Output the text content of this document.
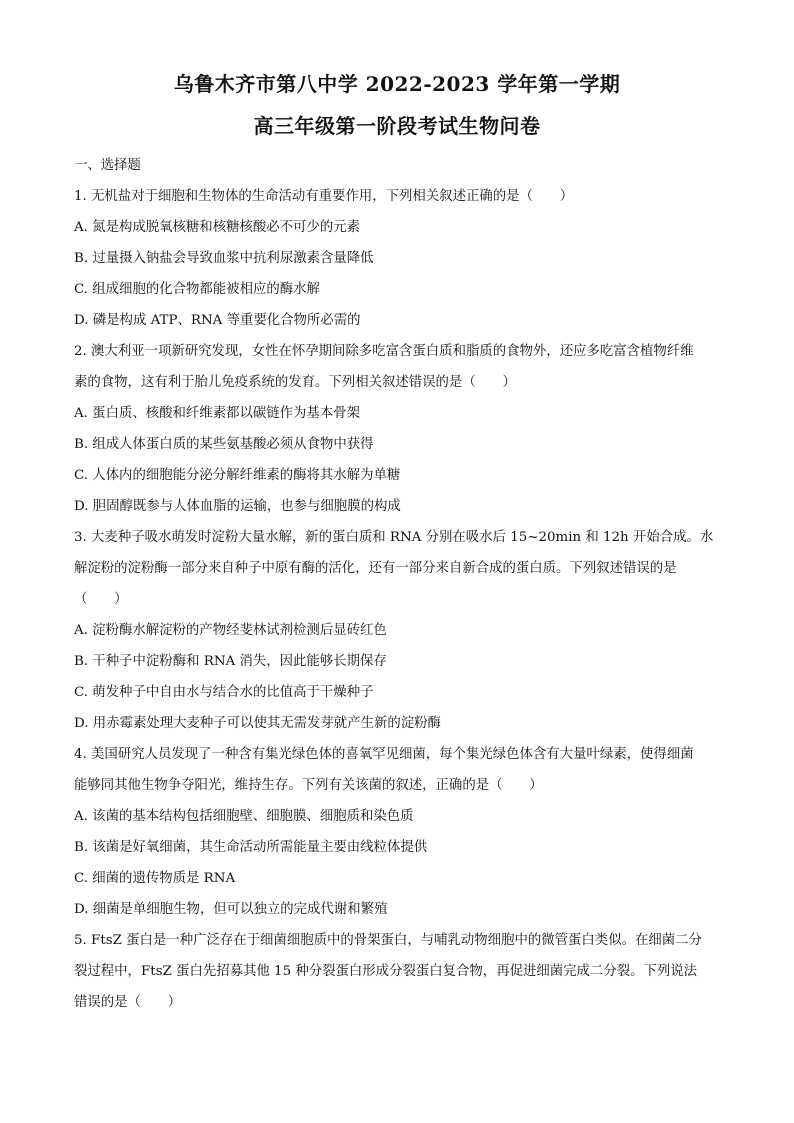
乌鲁木齐市第八中学 2022-2023 学年第一学期
高三年级第一阶段考试生物问卷
一、选择题
1. 无机盐对于细胞和生物体的生命活动有重要作用，下列相关叙述正确的是（　　）
A. 氮是构成脱氧核糖和核糖核酸必不可少的元素
B. 过量摄入钠盐会导致血浆中抗利尿激素含量降低
C. 组成细胞的化合物都能被相应的酶水解
D. 磷是构成 ATP、RNA 等重要化合物所必需的
2. 澳大利亚一项新研究发现，女性在怀孕期间除多吃富含蛋白质和脂质的食物外，还应多吃富含植物纤维
素的食物，这有利于胎儿免疫系统的发育。下列相关叙述错误的是（　　）
A. 蛋白质、核酸和纤维素都以碳链作为基本骨架
B. 组成人体蛋白质的某些氨基酸必须从食物中获得
C. 人体内的细胞能分泌分解纤维素的酶将其水解为单糖
D. 胆固醇既参与人体血脂的运输，也参与细胞膜的构成
3. 大麦种子吸水萌发时淀粉大量水解，新的蛋白质和 RNA 分别在吸水后 15~20min 和 12h 开始合成。水
解淀粉的淀粉酶一部分来自种子中原有酶的活化，还有一部分来自新合成的蛋白质。下列叙述错误的是
（　　）
A. 淀粉酶水解淀粉的产物经斐林试剂检测后显砖红色
B. 干种子中淀粉酶和 RNA 消失，因此能够长期保存
C. 萌发种子中自由水与结合水的比值高于干燥种子
D. 用赤霉素处理大麦种子可以使其无需发芽就产生新的淀粉酶
4. 美国研究人员发现了一种含有集光绿色体的喜氧罕见细菌，每个集光绿色体含有大量叶绿素，使得细菌
能够同其他生物争夺阳光，维持生存。下列有关该菌的叙述，正确的是（　　）
A. 该菌的基本结构包括细胞壁、细胞膜、细胞质和染色质
B. 该菌是好氧细菌，其生命活动所需能量主要由线粒体提供
C. 细菌的遗传物质是 RNA
D. 细菌是单细胞生物，但可以独立的完成代谢和繁殖
5. FtsZ 蛋白是一种广泛存在于细菌细胞质中的骨架蛋白，与哺乳动物细胞中的微管蛋白类似。在细菌二分
裂过程中，FtsZ 蛋白先招募其他 15 种分裂蛋白形成分裂蛋白复合物，再促进细菌完成二分裂。下列说法
错误的是（　　）
